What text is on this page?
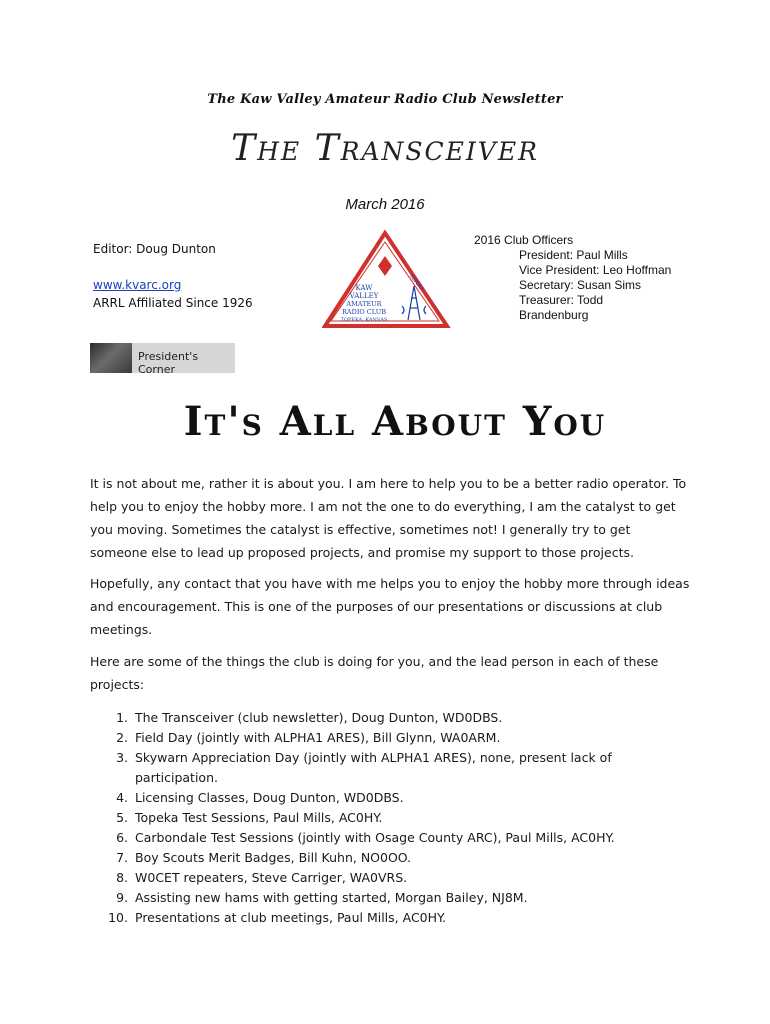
The Kaw Valley Amateur Radio Club Newsletter
The Transceiver
March 2016
Editor: Doug Dunton
www.kvarc.org
ARRL Affiliated Since 1926
TOPEKA
KAW
VALLEY
AMATEUR
RADIO CLUB
TOPEKA, KANSAS
2016 Club Officers
President: Paul Mills
Vice President: Leo Hoffman
Secretary: Susan Sims
Treasurer: Todd
Brandenburg
President's Corner
It's All About You
It is not about me, rather it is about you. I am here to help you to be a better radio operator. To help you to enjoy the hobby more. I am not the one to do everything, I am the catalyst to get you moving. Sometimes the catalyst is effective, sometimes not! I generally try to get someone else to lead up proposed projects, and promise my support to those projects.
Hopefully, any contact that you have with me helps you to enjoy the hobby more through ideas and encouragement. This is one of the purposes of our presentations or discussions at club meetings.
Here are some of the things the club is doing for you, and the lead person in each of these projects:
1. The Transceiver (club newsletter), Doug Dunton, WD0DBS.
2. Field Day (jointly with ALPHA1 ARES), Bill Glynn, WA0ARM.
3. Skywarn Appreciation Day (jointly with ALPHA1 ARES), none, present lack of participation.
4. Licensing Classes, Doug Dunton, WD0DBS.
5. Topeka Test Sessions, Paul Mills, AC0HY.
6. Carbondale Test Sessions (jointly with Osage County ARC), Paul Mills, AC0HY.
7. Boy Scouts Merit Badges, Bill Kuhn, NO0OO.
8. W0CET repeaters, Steve Carriger, WA0VRS.
9. Assisting new hams with getting started, Morgan Bailey, NJ8M.
10. Presentations at club meetings, Paul Mills, AC0HY.
